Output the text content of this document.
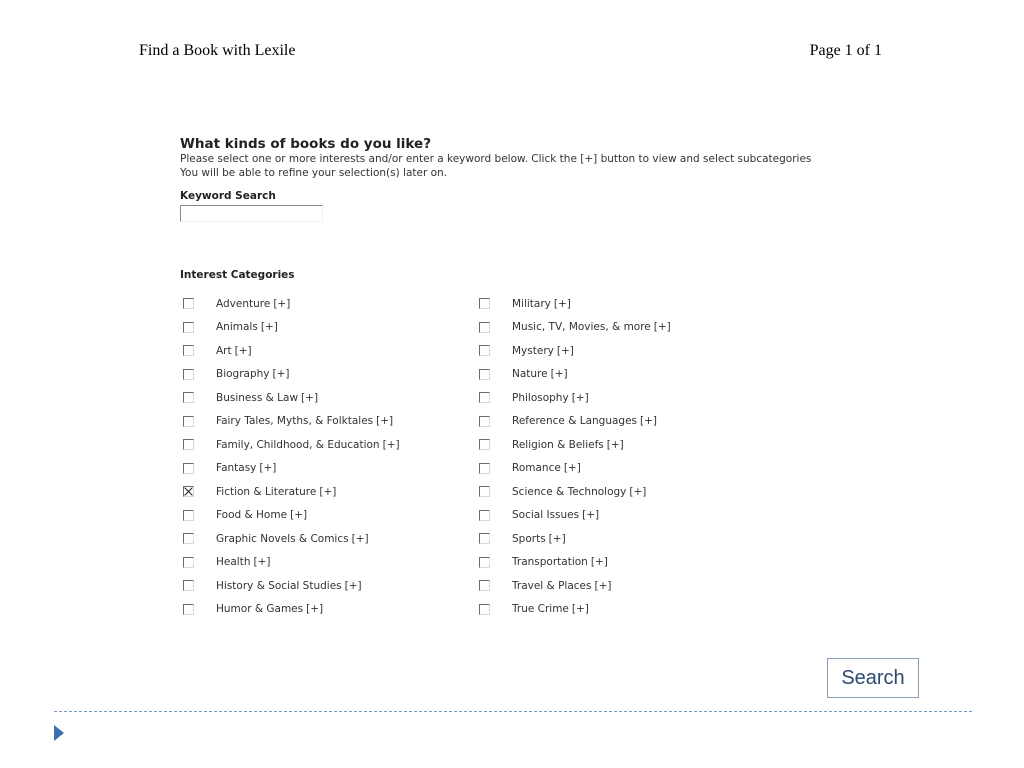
Find a Book with Lexile	Page 1 of 1
What kinds of books do you like?
Please select one or more interests and/or enter a keyword below. Click the [+] button to view and select subcategories
You will be able to refine your selection(s) later on.
Keyword Search
Interest Categories
Adventure [+]
Animals [+]
Art [+]
Biography [+]
Business & Law [+]
Fairy Tales, Myths, & Folktales [+]
Family, Childhood, & Education [+]
Fantasy [+]
Fiction & Literature [+]
Food & Home [+]
Graphic Novels & Comics [+]
Health [+]
History & Social Studies [+]
Humor & Games [+]
Military [+]
Music, TV, Movies, & more [+]
Mystery [+]
Nature [+]
Philosophy [+]
Reference & Languages [+]
Religion & Beliefs [+]
Romance [+]
Science & Technology [+]
Social Issues [+]
Sports [+]
Transportation [+]
Travel & Places [+]
True Crime [+]
Search
